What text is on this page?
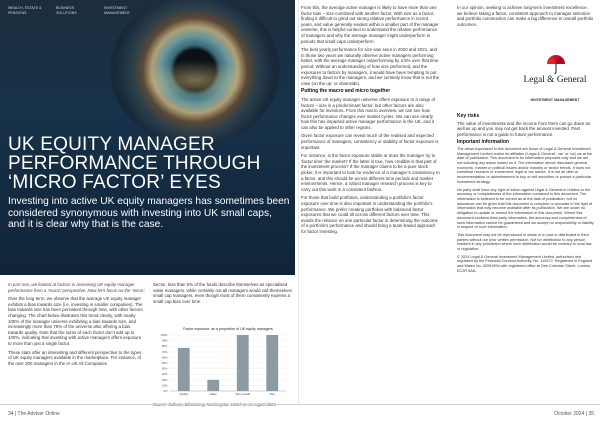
WEALTH, ESTATE & PENSIONS
BUSINESS SOLUTIONS
INVESTMENT MANAGEMENT
UK EQUITY MANAGER
PERFORMANCE THROUGH
‘MICRO FACTOR’ EYES
Investing into active UK equity managers has sometimes been considered synonymous with investing into UK small caps, and it is clear why that is the case.

In part one, we looked at factors in assessing UK equity manager performance from a ‘macro’ perspective. Now let’s focus on the ‘micro’.

Over the long term, we observe that the average UK equity manager exhibits a bias towards size (i.e. investing in smaller companies). The bias towards size has been persistent through time, with other factors changing. The chart below illustrates this trend clearly, with nearly 100% of the manager universe exhibiting a bias towards size, and increasingly more than 75% of the universe also offering a bias towards quality. Note that the sums of each factor don’t add up to 100%, indicating that investing with active managers offers exposure to more than just a single factor.

These stats offer an interesting and different perspective to the types of UK equity managers available in the marketplace. For instance, of the over 200 managers in the IA UK All Companies

Sector, less than 5% of the funds describe themselves as specialised value managers, while certainly not all managers would call themselves small cap managers, even though most of them consistently express a small cap bias over time.

Factor exposure, as a proportion of UK equity managers
100%
90%
80%
70%
60%
50%
40%
30%
20%
10%
0%
Quality	Value	Size (small)	Size
Source: Sullivan, Bloomberg, Morningstar, LGIM; as at August 2024

From this, the average active manager is likely to have more than one factor bias – size combined with another factor. With size as a factor, finding it difficult to grind out strong relative performance in recent years, and value generally evident within a smaller part of the manager universe, this is helpful context to understand the relative performance of managers and why the average manager might underperform in periods that small caps underperform.

The best yearly performance for size was seen in 2020 and 2021, and in those two years we naturally observe active managers performing better, with the average manager outperforming by 3.5% over that time period. Without an understanding of how size performed, and the exposures to factors by managers, it would have been tempting to put everything down to the managers, and we certainly know that is not the case (on the up- or downside).

Putting the macro and micro together

The active UK equity manager universe offers exposure to a range of factors – size is a predominant factor, but other factors are also available for investors. From this macro overview, we can see how factor performance changes over market cycles. We can see clearly how this has impacted active manager performance in the UK, and it can also be applied to other regions.

Given factor exposure can reveal much of the realised and expected performance of managers, consistency or stability of factor exposure is important.

For instance, is the factor exposure stable or does the manager try to ‘factor time’ the market? If the latter is true, how credible is that part of the investment process? If the manager claims to be a pure stock picker, it is important to look for evidence of a manager’s consistency to a factor, and this should be across different time periods and market environments. Hence, a robust manager research process is key to carry out this work in a consistent fashion.

For those that build portfolios, understanding a portfolio’s factor exposure over time is also important in understanding the portfolio’s performance. We prefer creating portfolios with balanced factor exposures that we could tilt across different factors over time. This avoids the reliance on one particular factor in determining the outcome of a portfolio’s performance and should bring a team-based approach for factor investing.

In our opinion, seeking to achieve long-term investment excellence, we believe taking a factor, consistent approach to manager selection and portfolio construction can make a big difference in overall portfolio outcomes.

Legal & General
INVESTMENT MANAGEMENT
Key risks

The value of investments and the income from them can go down as well as up and you may not get back the amount invested. Past performance is not a guide to future performance.

Important information

The views expressed in this document are those of Legal & General Investment Management Limited and/or its affiliates (‘Legal & General’, ‘we’ or ‘us’) as at the date of publication. This document is for information purposes only and we are not soliciting any action based on it. The information above discusses general economic, market or political issues and/or industry or sector trends. It does not constitute research or investment, legal or tax advice. It is not an offer or recommendation or advertisement to buy or sell securities or pursue a particular investment strategy.

No party shall have any right of action against Legal & General in relation to the accuracy or completeness of the information contained in this document. The information is believed to be correct as at the date of publication, but no assurance can be given that this document is complete or accurate in the light of information that may become available after its publication. We are under no obligation to update or amend the information in this document. Where this document contains third-party information, the accuracy and completeness of such information cannot be guaranteed and we accept no responsibility or liability in respect of such information.

This document may not be reproduced in whole or in part or distributed to third parties without our prior written permission. Not for distribution to any person resident in any jurisdiction where such distribution would be contrary to local law or regulation.

© 2024 Legal & General Investment Management Limited, authorised and regulated by the Financial Conduct Authority, No. 119272. Registered in England and Wales No. 02091894 with registered office at One Coleman Street, London, EC2R 5AA.

34 | The Adviser Online	October 2024 | 35
